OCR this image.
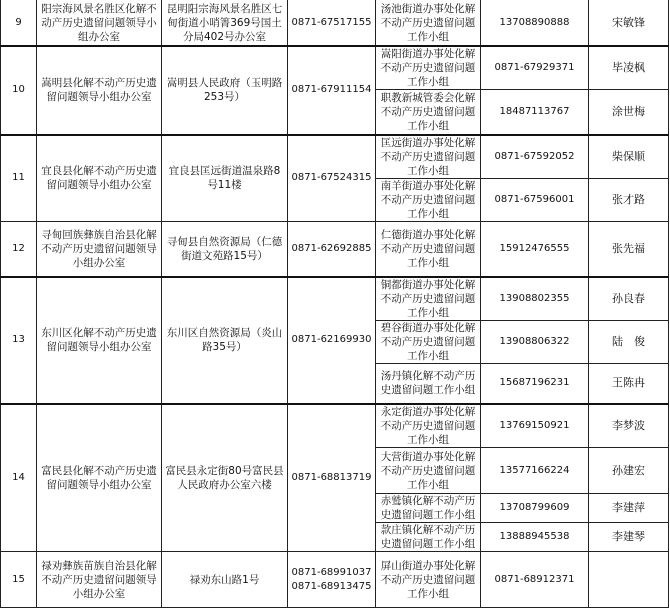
9	阳宗海风景名胜区化解不动产历史遗留问题领导小组办公室	昆明阳宗海风景名胜区七甸街道小哨箐369号国土分局402号办公室	0871-67517155	汤池街道办事处化解不动产历史遗留问题工作小组	13708890888	宋敏锋
10	嵩明县化解不动产历史遗留问题领导小组办公室	嵩明县人民政府（玉明路253号）	0871-67911154	嵩阳街道办事处化解不动产历史遗留问题工作小组	0871-67929371	毕凌枫
				职教新城管委会化解不动产历史遗留问题工作小组	18487113767	涂世梅
11	宜良县化解不动产历史遗留问题领导小组办公室	宜良县匡远街道温泉路8号11楼	0871-67524315	匡远街道办事处化解不动产历史遗留问题工作小组	0871-67592052	柴保顺
				南羊街道办事处化解不动产历史遗留问题工作小组	0871-67596001	张才路
12	寻甸回族彝族自治县化解不动产历史遗留问题领导小组办公室	寻甸县自然资源局（仁德街道文苑路15号）	0871-62692885	仁德街道办事处化解不动产历史遗留问题工作小组	15912476555	张先福
13	东川区化解不动产历史遗留问题领导小组办公室	东川区自然资源局（炎山路35号）	0871-62169930	铜都街道办事处化解不动产历史遗留问题工作小组	13908802355	孙良春
				碧谷街道办事处化解不动产历史遗留问题工作小组	13908806322	陆　俊
				汤丹镇化解不动产历史遗留问题工作小组	15687196231	王陈冉
14	富民县化解不动产历史遗留问题领导小组办公室	富民县永定街80号富民县人民政府办公室六楼	0871-68813719	永定街道办事处化解不动产历史遗留问题工作小组	13769150921	李梦波
				大营街道办事处化解不动产历史遗留问题工作小组	13577166224	孙建宏
				赤鹫镇化解不动产历史遗留问题工作小组	13708799609	李建萍
				款庄镇化解不动产历史遗留问题工作小组	13888945538	李建琴
15	禄劝彝族苗族自治县化解不动产历史遗留问题领导小组办公室	禄劝东山路1号	0871-68991037 0871-68913475	屏山街道办事处化解不动产历史遗留问题工作小组	0871-68912371	
